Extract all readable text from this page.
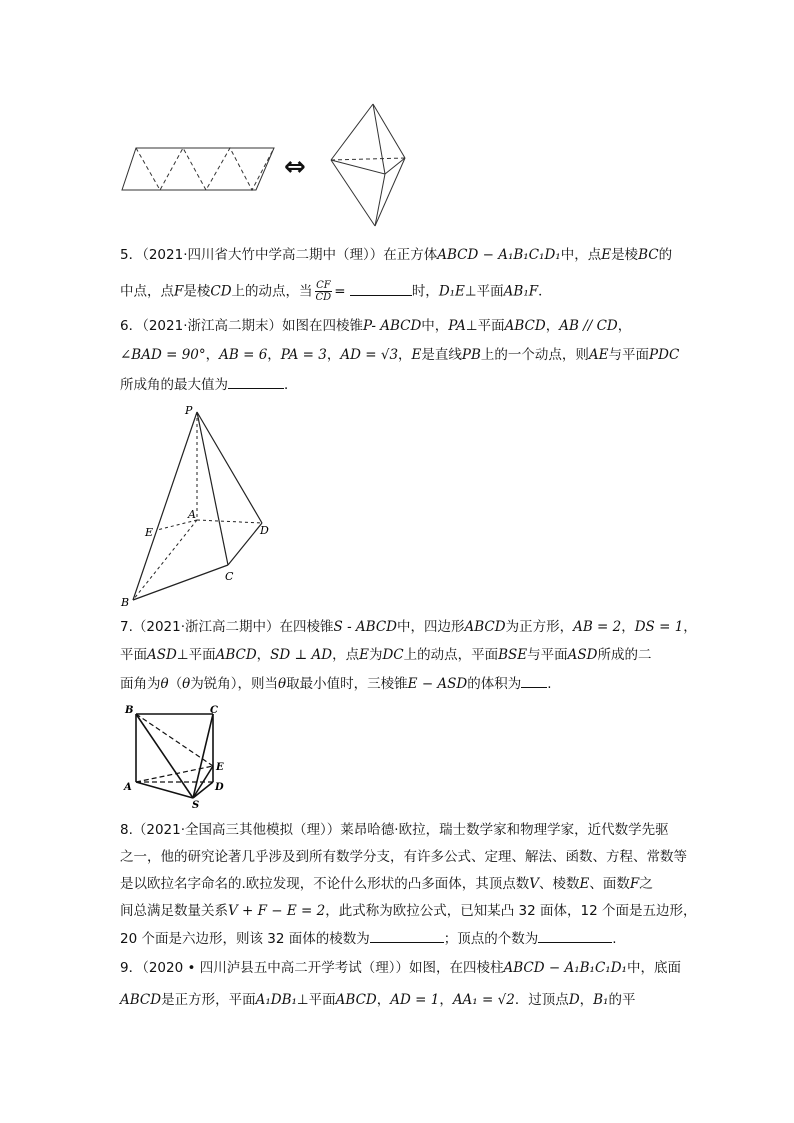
⇔
5．（2021·四川省大竹中学高二期中（理））在正方体ABCD − A₁B₁C₁D₁中，点E是棱BC的
中点，点F是棱CD上的动点，当 $\frac{CF}{CD}$ =	时，D₁E⊥平面AB₁F．
6．（2021·浙江高二期末）如图在四棱锥P- ABCD中，PA⊥平面ABCD，AB // CD，
∠BAD = 90°，AB = 6，PA = 3，AD = √3，E是直线PB上的一个动点，则AE与平面PDC
所成角的最大值为	．
P
A
E	D
C
B
7.（2021·浙江高二期中）在四棱锥S - ABCD中，四边形ABCD为正方形，AB = 2，DS = 1，
平面ASD⊥平面ABCD，SD ⊥ AD，点E为DC上的动点，平面BSE与平面ASD所成的二
面角为θ（θ为锐角），则当θ取最小值时，三棱锥E − ASD的体积为 .
B	C
E
A	D
S
8.（2021·全国高三其他模拟（理））莱昂哈德·欧拉，瑞士数学家和物理学家，近代数学先驱
之一，他的研究论著几乎涉及到所有数学分支，有许多公式、定理、解法、函数、方程、常数等
是以欧拉名字命名的.欧拉发现，不论什么形状的凸多面体，其顶点数V、棱数E、面数F之
间总满足数量关系V + F − E = 2，此式称为欧拉公式，已知某凸 32 面体，12 个面是五边形，
20 个面是六边形，则该 32 面体的棱数为	；顶点的个数为	.
9．（2020 • 四川泸县五中高二开学考试（理））如图，在四棱柱ABCD − A₁B₁C₁D₁中，底面
ABCD是正方形，平面A₁DB₁⊥平面ABCD，AD = 1，AA₁ = √2．过顶点D，B₁的平
